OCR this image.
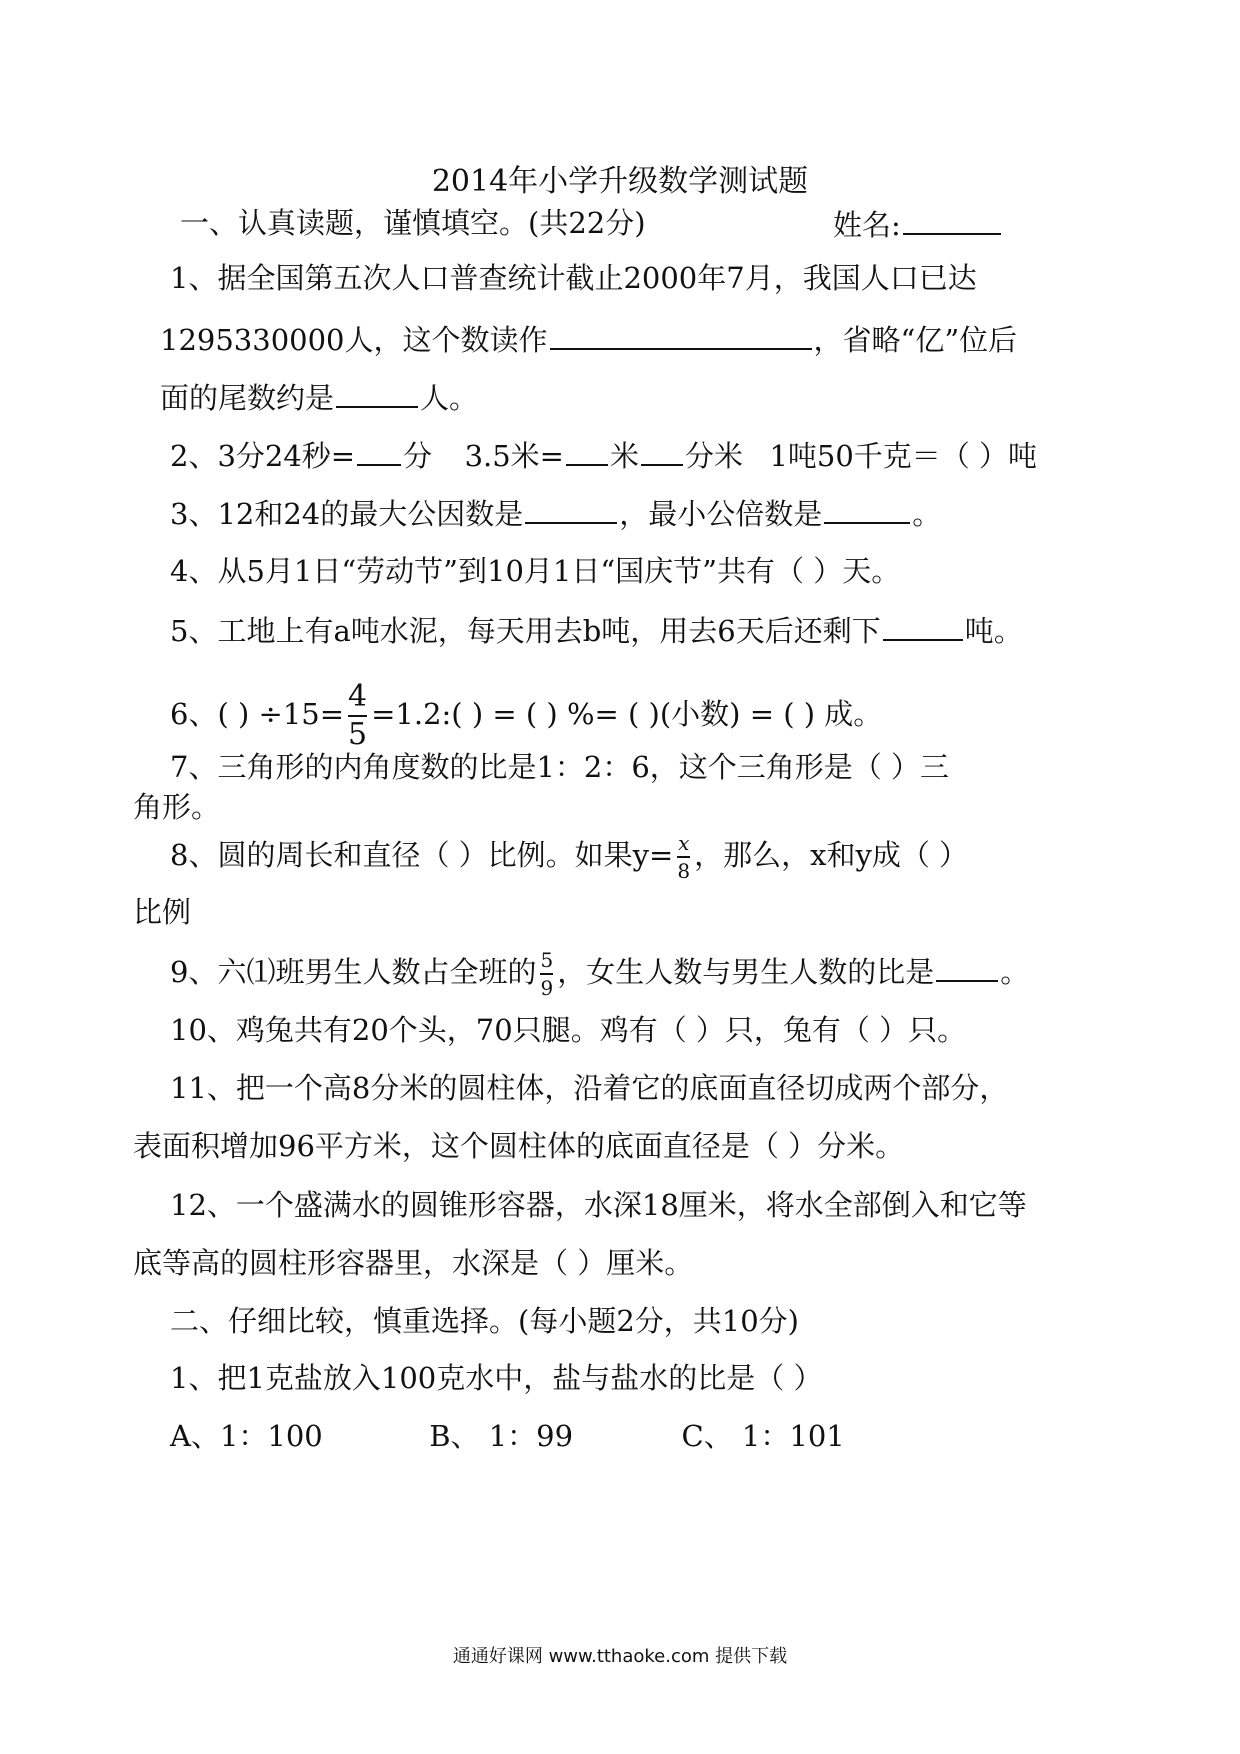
2014年小学升级数学测试题
一、认真读题，谨慎填空。(共22分)	姓名:
1、据全国第五次人口普查统计截止2000年7月，我国人口已达
1295330000人，这个数读作	，省略“亿”位后
面的尾数约是	人。
2、3分24秒= 分 3.5米= 米 分米 1吨50千克＝（ ）吨
3、12和24的最大公因数是	，最小公倍数是	。
4、从5月1日“劳动节”到10月1日“国庆节”共有（ ）天。
5、工地上有a吨水泥，每天用去b吨，用去6天后还剩下	吨。
6、( ) $\div 15= \frac{4}{5}$ =1.2:( ) = ( ) %= ( )(小数) = ( ) 成。
7、三角形的内角度数的比是1：2：6，这个三角形是（ ）三
角形。
8、圆的周长和直径（ ）比例。如果$y= \frac{x}{8}$ ，那么，x和y成（ ）
比例
9、六⑴班男生人数占全班的 $\frac{5}{9}$ ，女生人数与男生人数的比是 。
10、鸡兔共有20个头，70只腿。鸡有（ ）只，兔有（ ）只。
11、把一个高8分米的圆柱体，沿着它的底面直径切成两个部分，
表面积增加96平方米，这个圆柱体的底面直径是（ ）分米。
12、一个盛满水的圆锥形容器，水深18厘米，将水全部倒入和它等
底等高的圆柱形容器里，水深是（ ）厘米。
二、仔细比较，慎重选择。(每小题2分，共10分)
1、把1克盐放入100克水中，盐与盐水的比是（ ）
A、1：100	B、 1：99	C、 1：101
通通好课网 www.tthaoke.com 提供下载
